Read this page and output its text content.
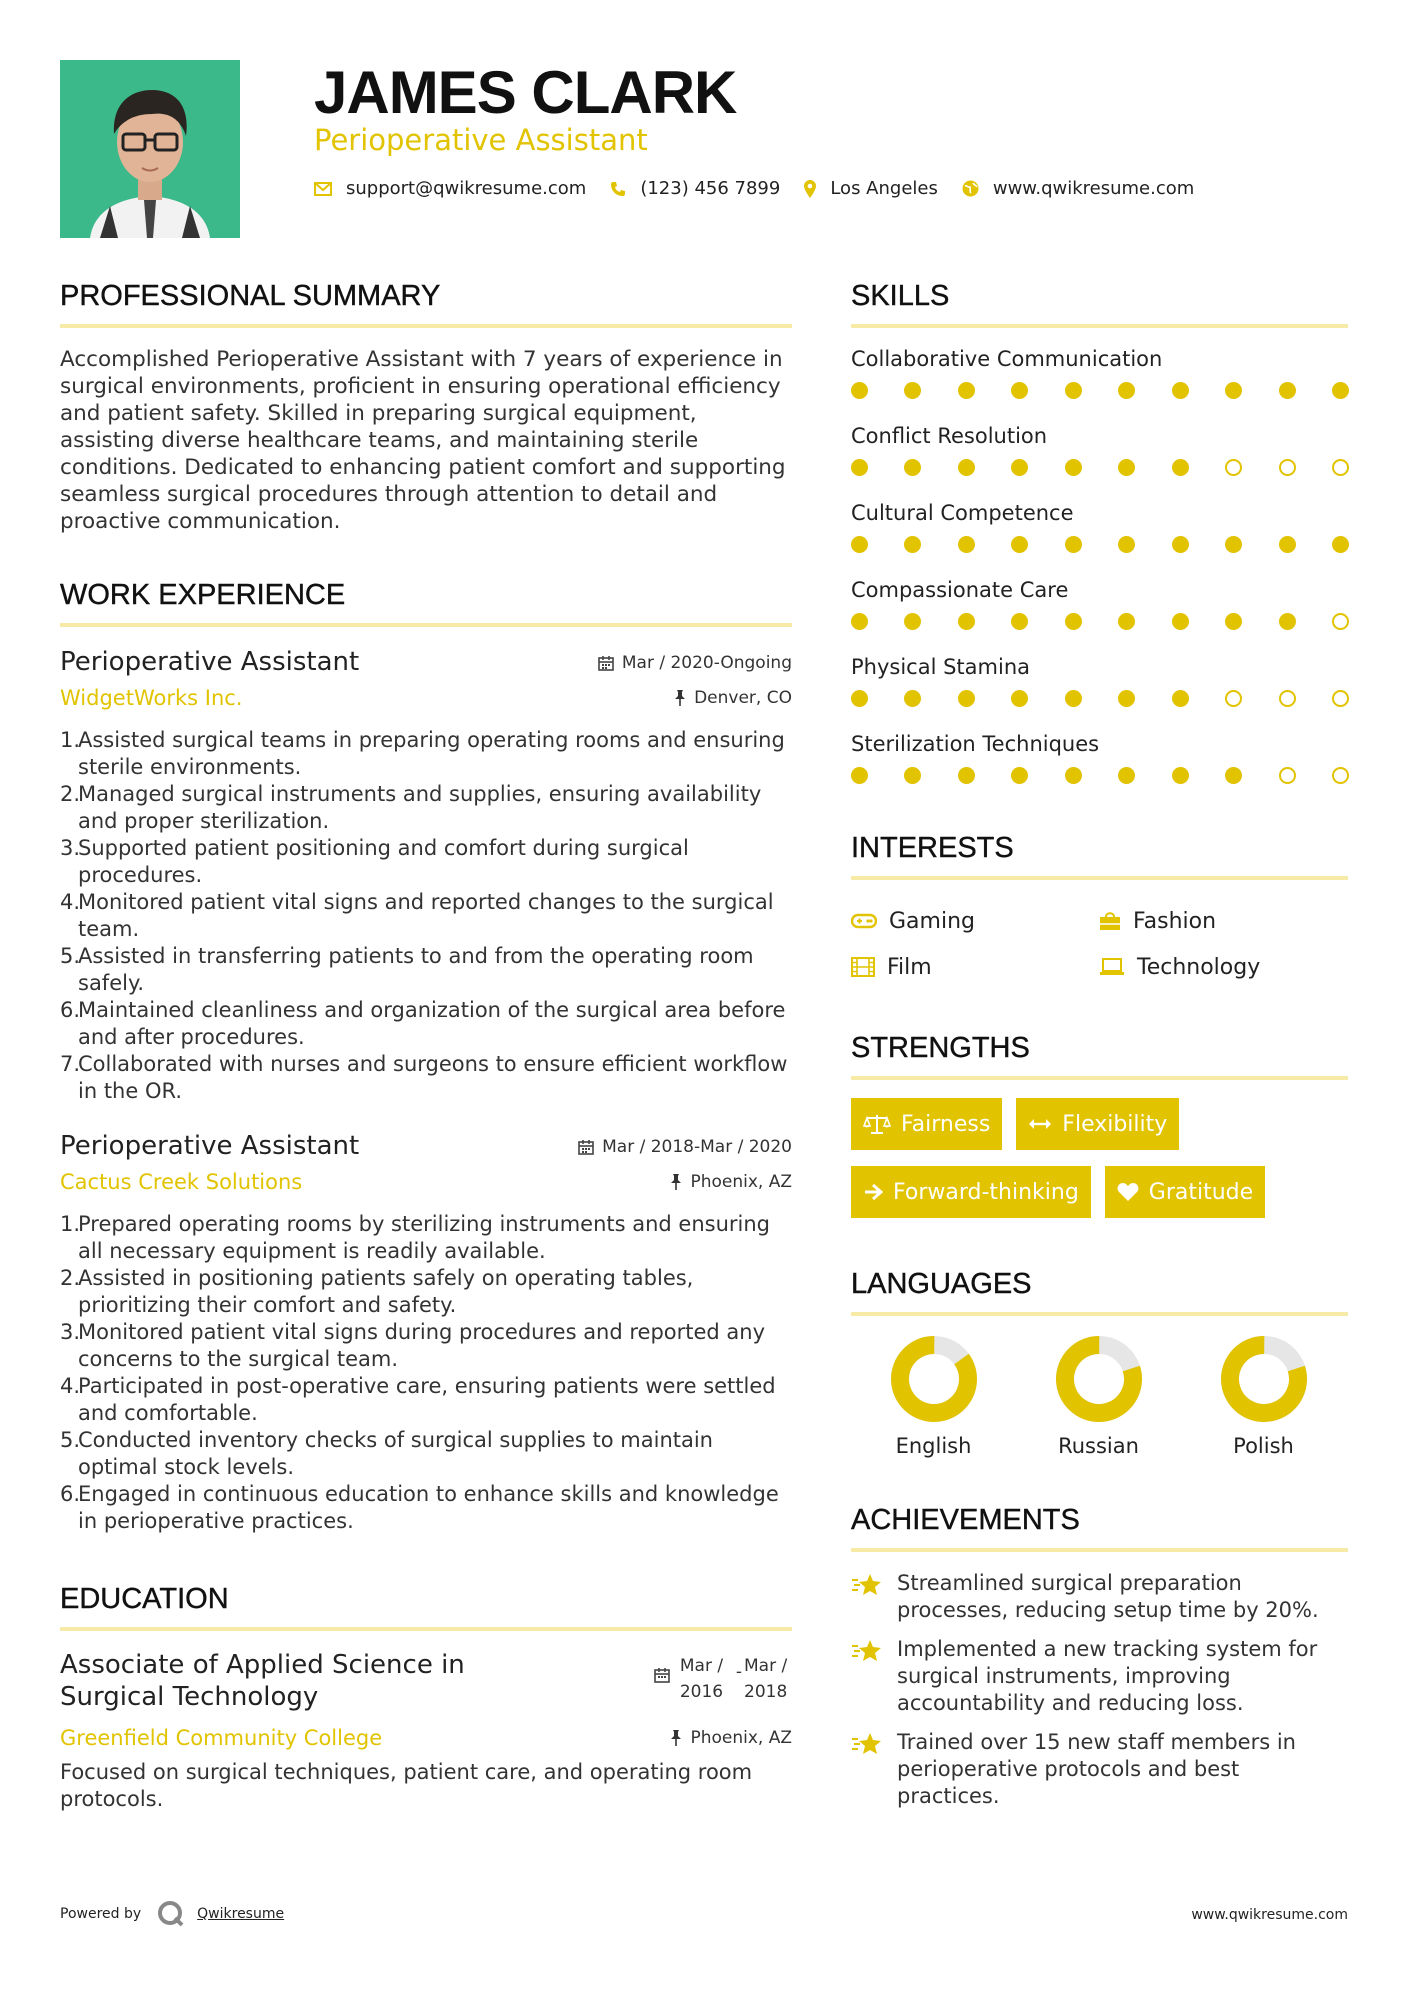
JAMES CLARK
Perioperative Assistant
support@qwikresume.com	(123) 456 7899	Los Angeles	www.qwikresume.com
PROFESSIONAL SUMMARY
Accomplished Perioperative Assistant with 7 years of experience in surgical environments, proficient in ensuring operational efficiency and patient safety. Skilled in preparing surgical equipment, assisting diverse healthcare teams, and maintaining sterile conditions. Dedicated to enhancing patient comfort and supporting seamless surgical procedures through attention to detail and proactive communication.
WORK EXPERIENCE
Perioperative Assistant	Mar / 2020-Ongoing
WidgetWorks Inc.	Denver, CO
1.
Assisted surgical teams in preparing operating rooms and ensuring sterile environments.
2.
Managed surgical instruments and supplies, ensuring availability and proper sterilization.
3.
Supported patient positioning and comfort during surgical procedures.
4.
Monitored patient vital signs and reported changes to the surgical team.
5.
Assisted in transferring patients to and from the operating room safely.
6.
Maintained cleanliness and organization of the surgical area before and after procedures.
7.
Collaborated with nurses and surgeons to ensure efficient workflow in the OR.
Perioperative Assistant	Mar / 2018-Mar / 2020
Cactus Creek Solutions	Phoenix, AZ
1.
Prepared operating rooms by sterilizing instruments and ensuring all necessary equipment is readily available.
2.
Assisted in positioning patients safely on operating tables, prioritizing their comfort and safety.
3.
Monitored patient vital signs during procedures and reported any concerns to the surgical team.
4.
Participated in post-operative care, ensuring patients were settled and comfortable.
5.
Conducted inventory checks of surgical supplies to maintain optimal stock levels.
6.
Engaged in continuous education to enhance skills and knowledge in perioperative practices.
EDUCATION
Associate of Applied Science in Surgical Technology
Mar /
2016
- Mar /
2018
Greenfield Community College	Phoenix, AZ
Focused on surgical techniques, patient care, and operating room protocols.
SKILLS
Collaborative Communication
Conflict Resolution
Cultural Competence
Compassionate Care
Physical Stamina
Sterilization Techniques
INTERESTS
Gaming	Fashion
Film	Technology
STRENGTHS
Fairness	Flexibility
Forward-thinking	Gratitude
LANGUAGES
English	Russian	Polish
ACHIEVEMENTS
Streamlined surgical preparation processes, reducing setup time by 20%.
Implemented a new tracking system for surgical instruments, improving accountability and reducing loss.
Trained over 15 new staff members in perioperative protocols and best practices.
Powered by	Qwikresume	www.qwikresume.com
